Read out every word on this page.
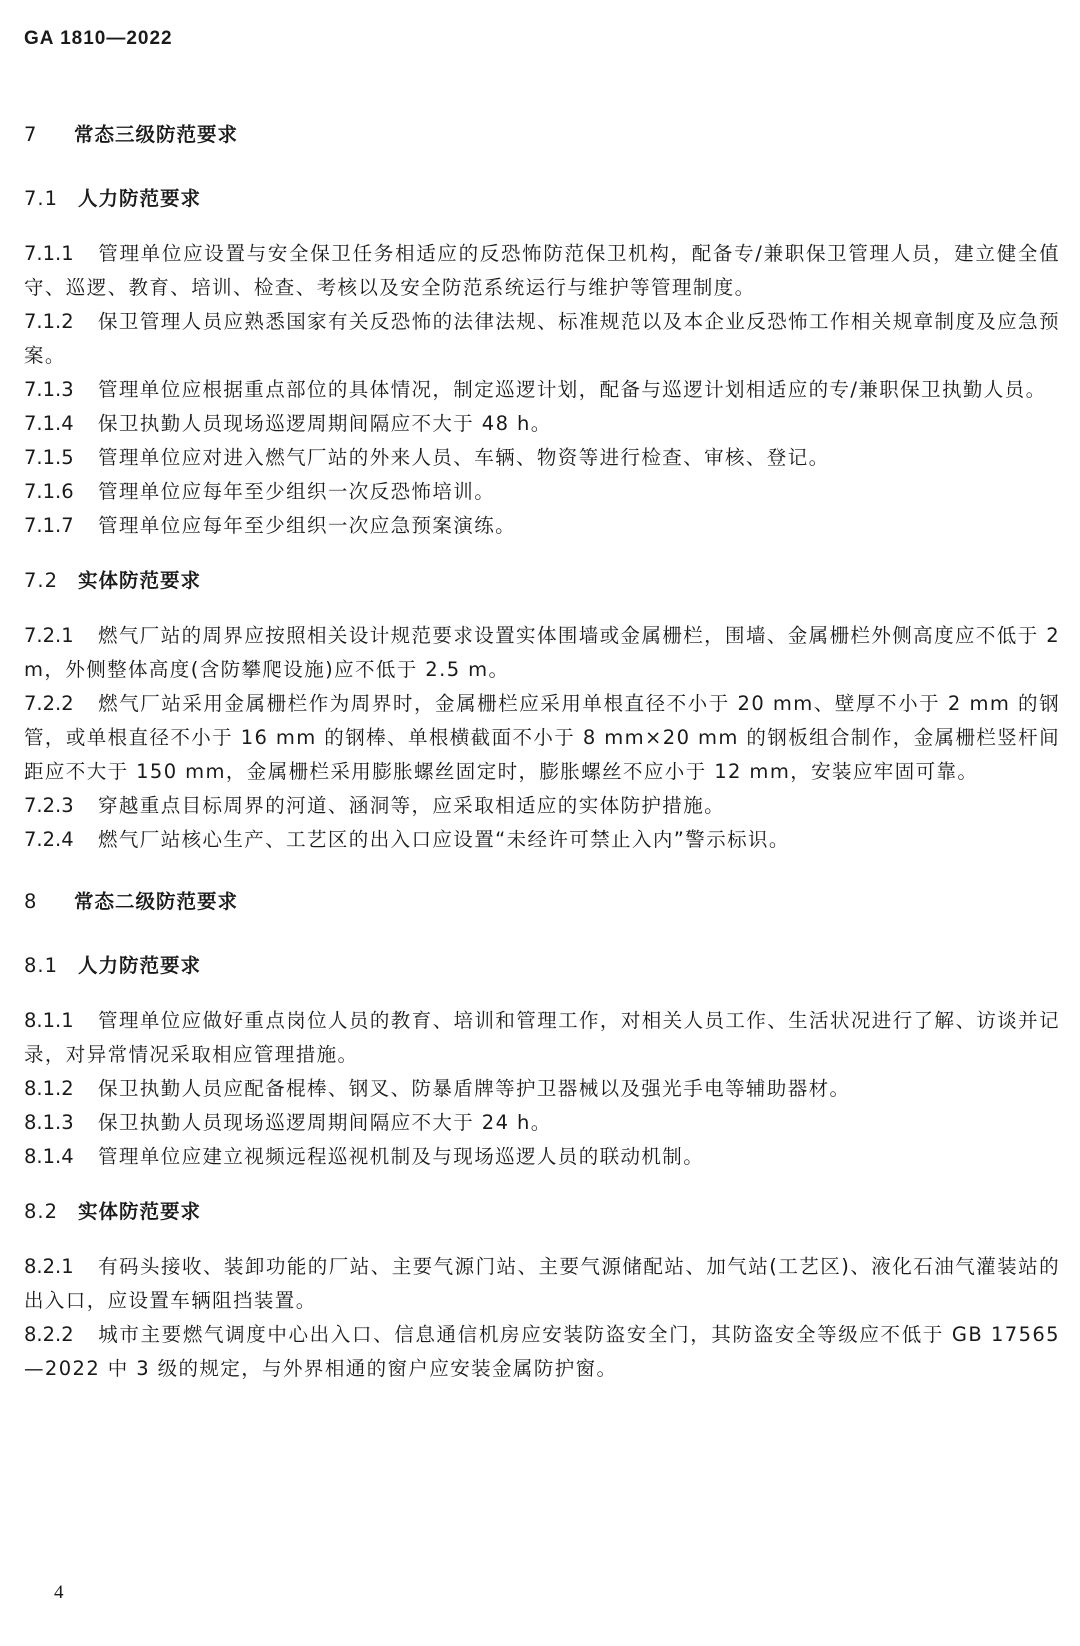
GA 1810—2022
7 常态三级防范要求
7.1 人力防范要求
7.1.1 管理单位应设置与安全保卫任务相适应的反恐怖防范保卫机构，配备专/兼职保卫管理人员，建立健全值守、巡逻、教育、培训、检查、考核以及安全防范系统运行与维护等管理制度。
7.1.2 保卫管理人员应熟悉国家有关反恐怖的法律法规、标准规范以及本企业反恐怖工作相关规章制度及应急预案。
7.1.3 管理单位应根据重点部位的具体情况，制定巡逻计划，配备与巡逻计划相适应的专/兼职保卫执勤人员。
7.1.4 保卫执勤人员现场巡逻周期间隔应不大于 48 h。
7.1.5 管理单位应对进入燃气厂站的外来人员、车辆、物资等进行检查、审核、登记。
7.1.6 管理单位应每年至少组织一次反恐怖培训。
7.1.7 管理单位应每年至少组织一次应急预案演练。
7.2 实体防范要求
7.2.1 燃气厂站的周界应按照相关设计规范要求设置实体围墙或金属栅栏，围墙、金属栅栏外侧高度应不低于 2 m，外侧整体高度(含防攀爬设施)应不低于 2.5 m。
7.2.2 燃气厂站采用金属栅栏作为周界时，金属栅栏应采用单根直径不小于 20 mm、壁厚不小于 2 mm 的钢管，或单根直径不小于 16 mm 的钢棒、单根横截面不小于 8 mm×20 mm 的钢板组合制作，金属栅栏竖杆间距应不大于 150 mm，金属栅栏采用膨胀螺丝固定时，膨胀螺丝不应小于 12 mm，安装应牢固可靠。
7.2.3 穿越重点目标周界的河道、涵洞等，应采取相适应的实体防护措施。
7.2.4 燃气厂站核心生产、工艺区的出入口应设置“未经许可禁止入内”警示标识。
8 常态二级防范要求
8.1 人力防范要求
8.1.1 管理单位应做好重点岗位人员的教育、培训和管理工作，对相关人员工作、生活状况进行了解、访谈并记录，对异常情况采取相应管理措施。
8.1.2 保卫执勤人员应配备棍棒、钢叉、防暴盾牌等护卫器械以及强光手电等辅助器材。
8.1.3 保卫执勤人员现场巡逻周期间隔应不大于 24 h。
8.1.4 管理单位应建立视频远程巡视机制及与现场巡逻人员的联动机制。
8.2 实体防范要求
8.2.1 有码头接收、装卸功能的厂站、主要气源门站、主要气源储配站、加气站(工艺区)、液化石油气灌装站的出入口，应设置车辆阻挡装置。
8.2.2 城市主要燃气调度中心出入口、信息通信机房应安装防盗安全门，其防盗安全等级应不低于 GB 17565—2022 中 3 级的规定，与外界相通的窗户应安装金属防护窗。
4
